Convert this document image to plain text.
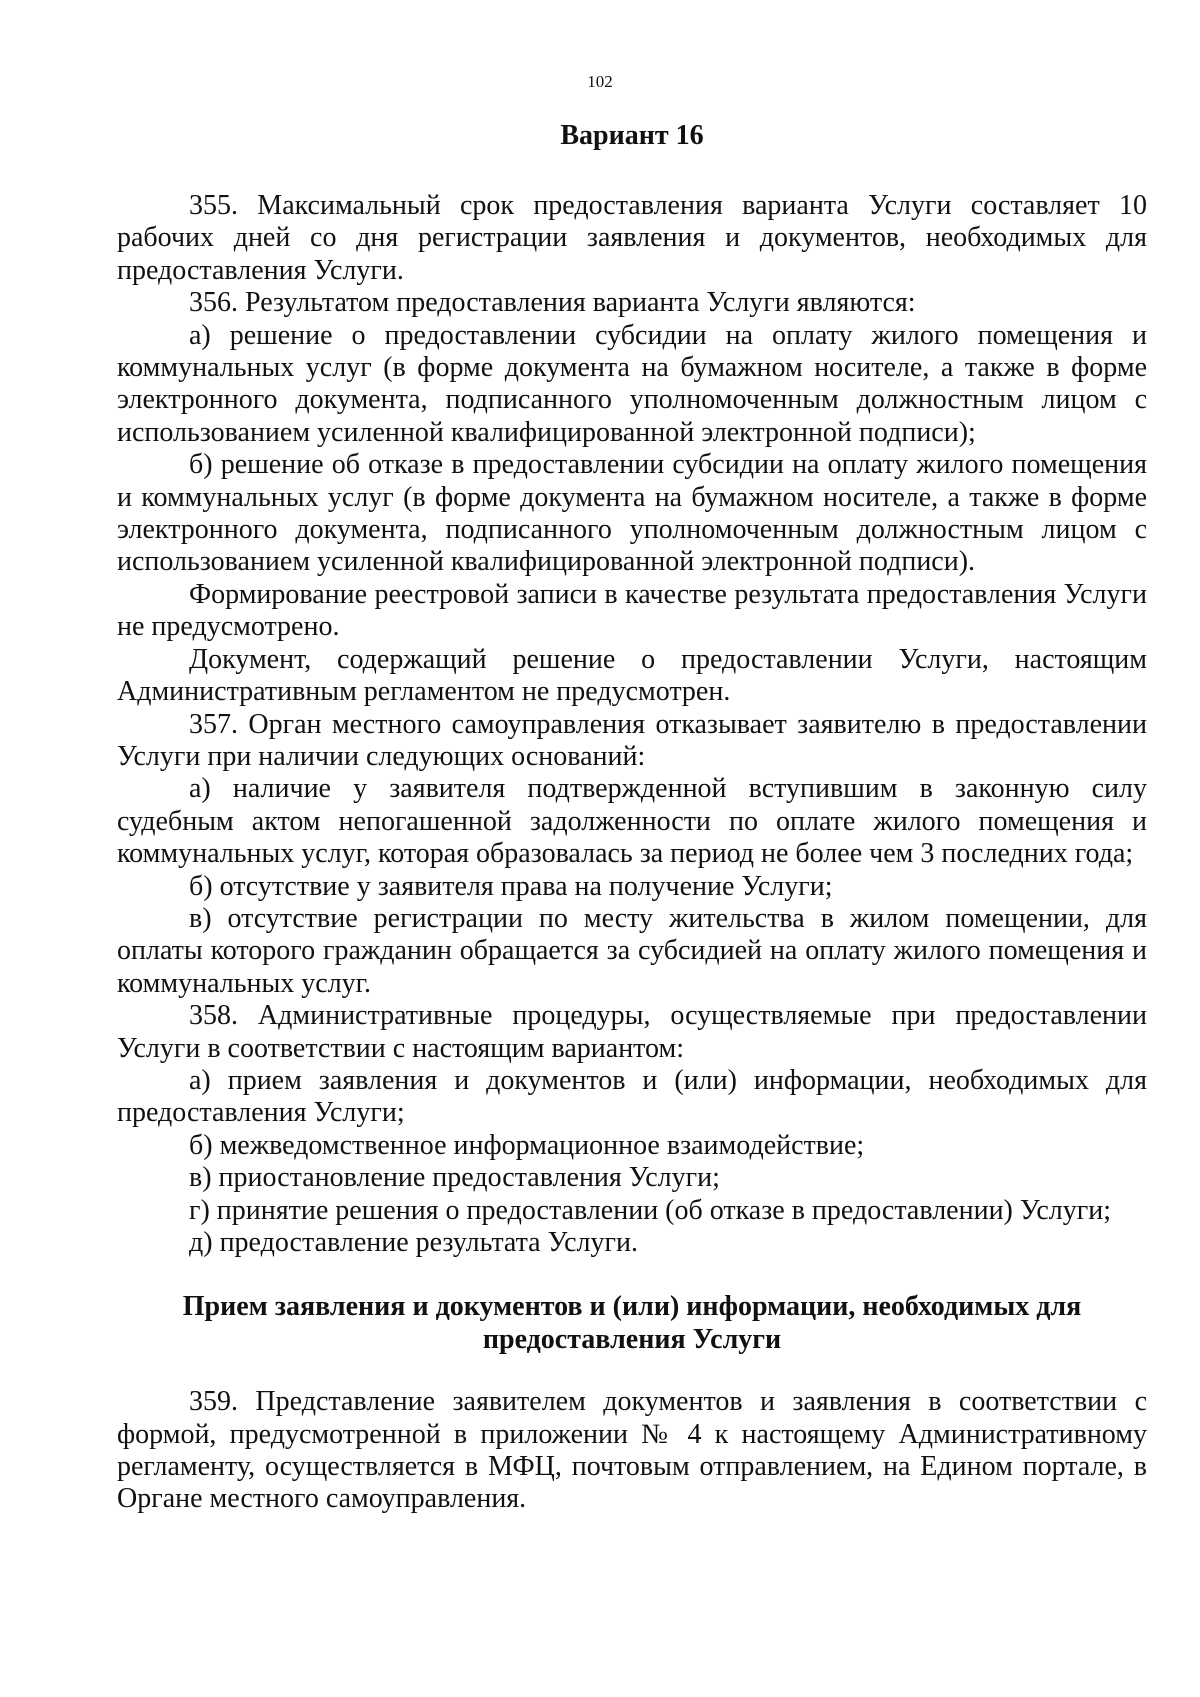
102

Вариант 16

355. Максимальный срок предоставления варианта Услуги составляет 10 рабочих дней со дня регистрации заявления и документов, необходимых для предоставления Услуги.

356. Результатом предоставления варианта Услуги являются:

а) решение о предоставлении субсидии на оплату жилого помещения и коммунальных услуг (в форме документа на бумажном носителе, а также в форме электронного документа, подписанного уполномоченным должностным лицом с использованием усиленной квалифицированной электронной подписи);

б) решение об отказе в предоставлении субсидии на оплату жилого помещения и коммунальных услуг (в форме документа на бумажном носителе, а также в форме электронного документа, подписанного уполномоченным должностным лицом с использованием усиленной квалифицированной электронной подписи).

Формирование реестровой записи в качестве результата предоставления Услуги не предусмотрено.

Документ, содержащий решение о предоставлении Услуги, настоящим Административным регламентом не предусмотрен.

357. Орган местного самоуправления отказывает заявителю в предоставлении Услуги при наличии следующих оснований:

а) наличие у заявителя подтвержденной вступившим в законную силу судебным актом непогашенной задолженности по оплате жилого помещения и коммунальных услуг, которая образовалась за период не более чем 3 последних года;

б) отсутствие у заявителя права на получение Услуги;

в) отсутствие регистрации по месту жительства в жилом помещении, для оплаты которого гражданин обращается за субсидией на оплату жилого помещения и коммунальных услуг.

358. Административные процедуры, осуществляемые при предоставлении Услуги в соответствии с настоящим вариантом:

а) прием заявления и документов и (или) информации, необходимых для предоставления Услуги;

б) межведомственное информационное взаимодействие;

в) приостановление предоставления Услуги;

г) принятие решения о предоставлении (об отказе в предоставлении) Услуги;

д) предоставление результата Услуги.

Прием заявления и документов и (или) информации, необходимых для предоставления Услуги

359. Представление заявителем документов и заявления в соответствии с формой, предусмотренной в приложении № 4 к настоящему Административному регламенту, осуществляется в МФЦ, почтовым отправлением, на Едином портале, в Органе местного самоуправления.
